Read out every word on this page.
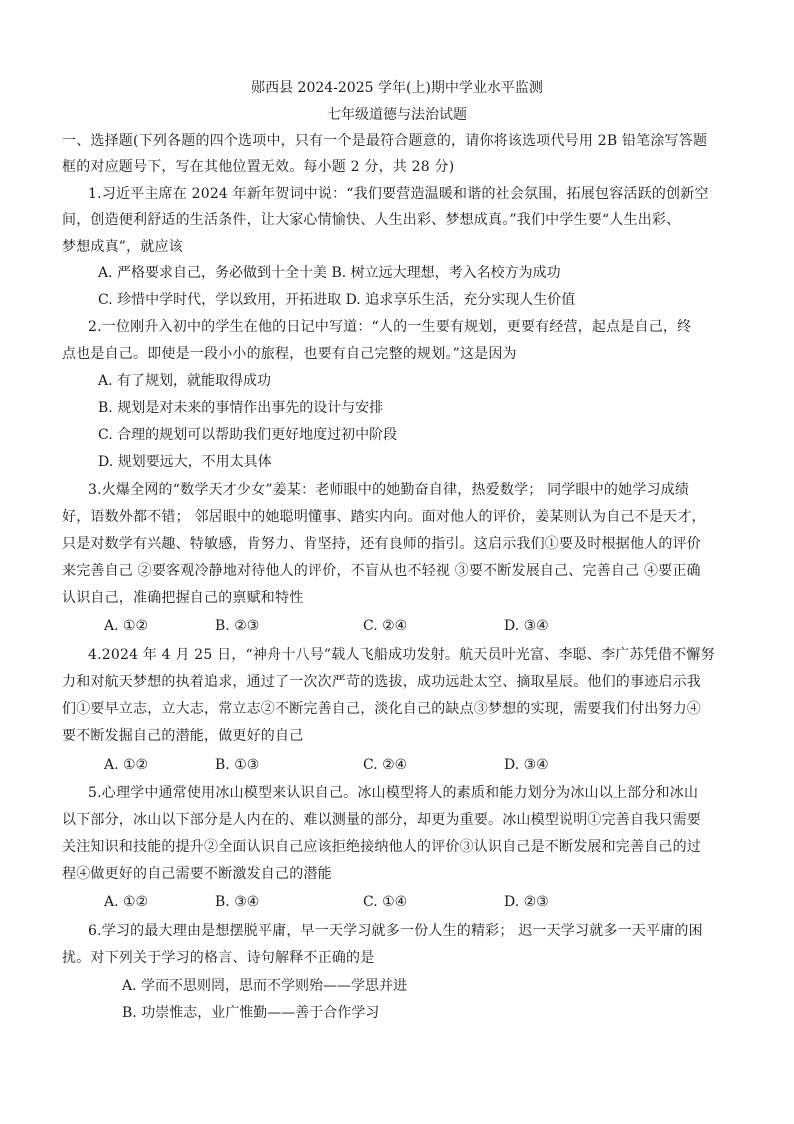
郧西县 2024-2025 学年(上)期中学业水平监测
七年级道德与法治试题
一、选择题(下列各题的四个选项中，只有一个是最符合题意的，请你将该选项代号用 2B 铅笔涂写答题
框的对应题号下，写在其他位置无效。每小题 2 分，共 28 分)
1.习近平主席在 2024 年新年贺词中说：“我们要营造温暖和谐的社会氛围，拓展包容活跃的创新空
间，创造便利舒适的生活条件，让大家心情愉快、人生出彩、梦想成真。”我们中学生要“人生出彩、
梦想成真”，就应该
A. 严格要求自己，务必做到十全十美 B. 树立远大理想，考入名校方为成功
C. 珍惜中学时代，学以致用，开拓进取 D. 追求享乐生活，充分实现人生价值
2.一位刚升入初中的学生在他的日记中写道：“人的一生要有规划，更要有经营，起点是自己，终
点也是自己。即使是一段小小的旅程，也要有自己完整的规划。”这是因为
A. 有了规划，就能取得成功
B. 规划是对未来的事情作出事先的设计与安排
C. 合理的规划可以帮助我们更好地度过初中阶段
D. 规划要远大，不用太具体
3.火爆全网的“数学天才少女”姜某：老师眼中的她勤奋自律，热爱数学； 同学眼中的她学习成绩
好，语数外都不错； 邻居眼中的她聪明懂事、踏实内向。面对他人的评价，姜某则认为自己不是天才，
只是对数学有兴趣、特敏感，肯努力、肯坚持，还有良师的指引。这启示我们①要及时根据他人的评价
来完善自己 ②要客观冷静地对待他人的评价，不盲从也不轻视 ③要不断发展自己、完善自己 ④要正确
认识自己，准确把握自己的禀赋和特性
A. ①②	B. ②③	C. ②④	D. ③④
4.2024 年 4 月 25 日，“神舟十八号”载人飞船成功发射。航天员叶光富、李聪、李广苏凭借不懈努
力和对航天梦想的执着追求，通过了一次次严苛的选拔，成功远赴太空、摘取星辰。他们的事迹启示我
们①要早立志，立大志，常立志②不断完善自己，淡化自己的缺点③梦想的实现，需要我们付出努力④
要不断发掘自己的潜能，做更好的自己
A. ①②	B. ①③	C. ②④	D. ③④
5.心理学中通常使用冰山模型来认识自己。冰山模型将人的素质和能力划分为冰山以上部分和冰山
以下部分，冰山以下部分是人内在的、难以测量的部分，却更为重要。冰山模型说明①完善自我只需要
关注知识和技能的提升②全面认识自己应该拒绝接纳他人的评价③认识自己是不断发展和完善自己的过
程④做更好的自己需要不断激发自己的潜能
A. ①②	B. ③④	C. ①④	D. ②③
6.学习的最大理由是想摆脱平庸，早一天学习就多一份人生的精彩； 迟一天学习就多一天平庸的困
扰。对下列关于学习的格言、诗句解释不正确的是
A. 学而不思则罔，思而不学则殆——学思并进
B. 功崇惟志，业广惟勤——善于合作学习
